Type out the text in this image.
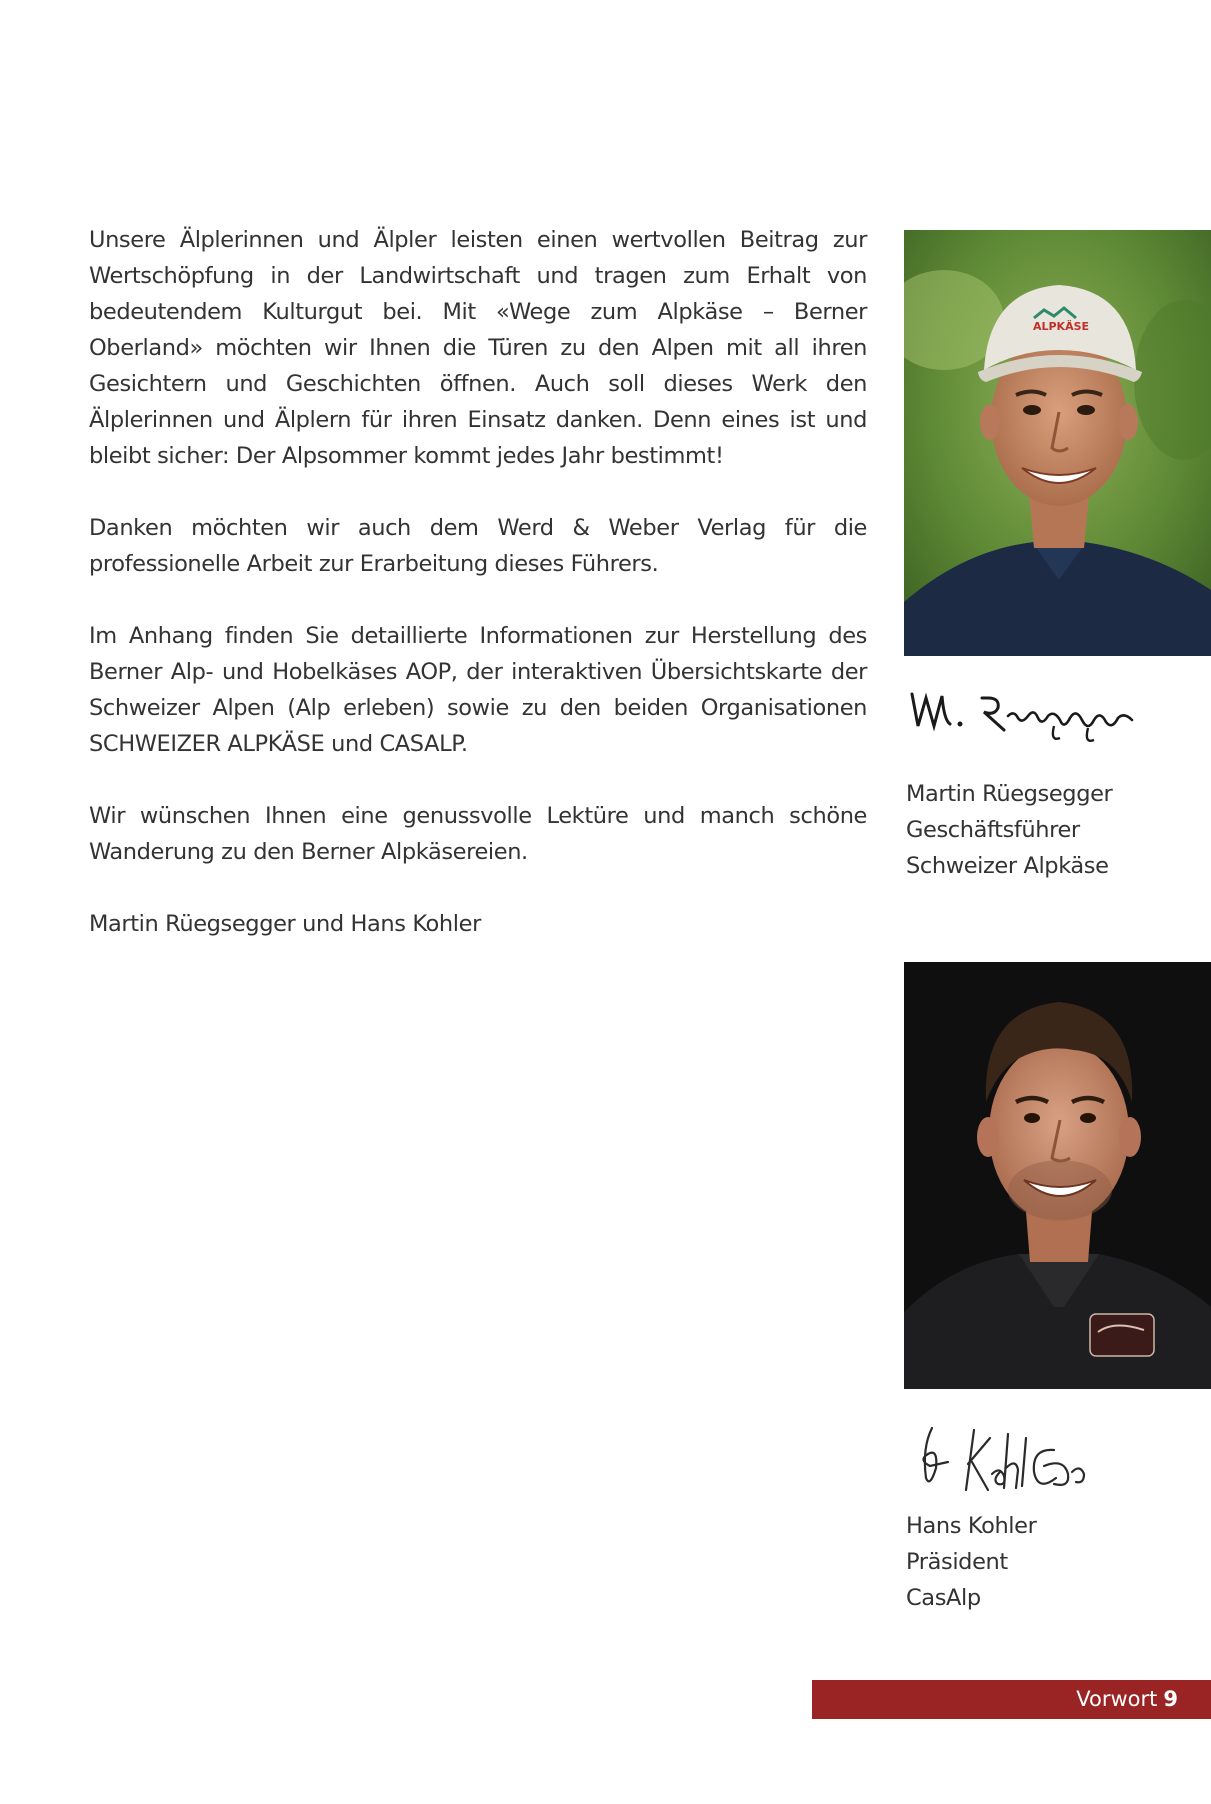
Unsere Älplerinnen und Älpler leisten einen wertvollen Beitrag zur Wertschöpfung in der Landwirtschaft und tragen zum Erhalt von bedeutendem Kulturgut bei. Mit «Wege zum Alpkäse – Berner Oberland» möchten wir Ihnen die Türen zu den Alpen mit all ihren Gesichtern und Geschichten öffnen. Auch soll dieses Werk den Älplerinnen und Älplern für ihren Einsatz danken. Denn eines ist und bleibt sicher: Der Alpsommer kommt jedes Jahr bestimmt!

Danken möchten wir auch dem Werd & Weber Verlag für die professionelle Arbeit zur Erarbeitung dieses Führers.

Im Anhang finden Sie detaillierte Informationen zur Herstellung des Berner Alp- und Hobelkäses AOP, der interaktiven Übersichtskarte der Schweizer Alpen (Alp erleben) sowie zu den beiden Organisationen SCHWEIZER ALPKÄSE und CASALP.

Wir wünschen Ihnen eine genussvolle Lektüre und manch schöne Wanderung zu den Berner Alpkäsereien.

Martin Rüegsegger und Hans Kohler

ALPKÄSE
Martin Rüegsegger
Geschäftsführer
Schweizer Alpkäse
Hans Kohler
Präsident
CasAlp
Vorwort 9
